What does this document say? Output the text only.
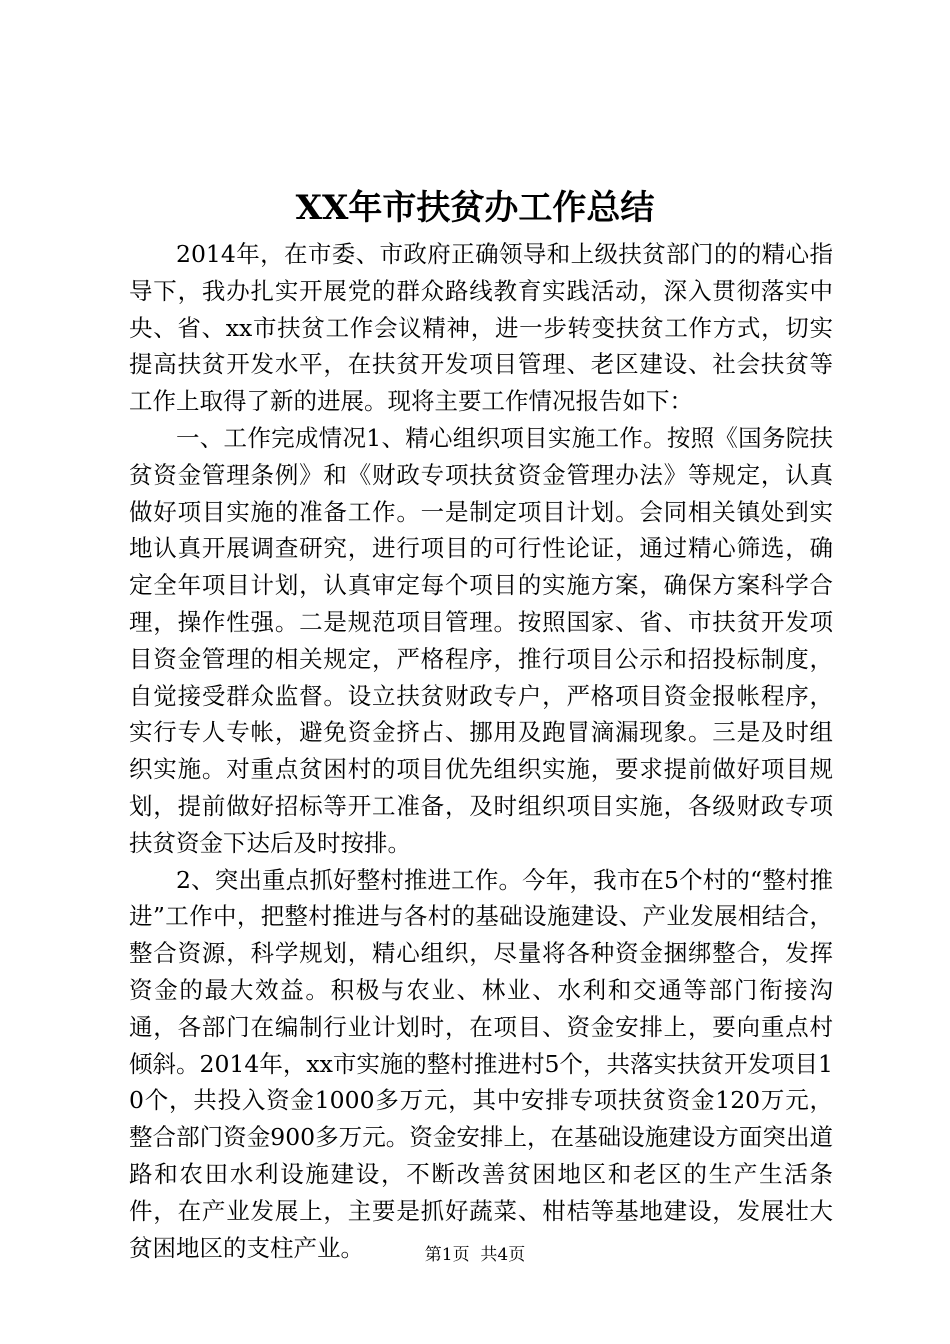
XX年市扶贫办工作总结

2014年，在市委、市政府正确领导和上级扶贫部门的的精心指导下，我办扎实开展党的群众路线教育实践活动，深入贯彻落实中央、省、xx市扶贫工作会议精神，进一步转变扶贫工作方式，切实提高扶贫开发水平，在扶贫开发项目管理、老区建设、社会扶贫等工作上取得了新的进展。现将主要工作情况报告如下：

一、工作完成情况1、精心组织项目实施工作。按照《国务院扶贫资金管理条例》和《财政专项扶贫资金管理办法》等规定，认真做好项目实施的准备工作。一是制定项目计划。会同相关镇处到实地认真开展调查研究，进行项目的可行性论证，通过精心筛选，确定全年项目计划，认真审定每个项目的实施方案，确保方案科学合理，操作性强。二是规范项目管理。按照国家、省、市扶贫开发项目资金管理的相关规定，严格程序，推行项目公示和招投标制度，自觉接受群众监督。设立扶贫财政专户，严格项目资金报帐程序，实行专人专帐，避免资金挤占、挪用及跑冒滴漏现象。三是及时组织实施。对重点贫困村的项目优先组织实施，要求提前做好项目规划，提前做好招标等开工准备，及时组织项目实施，各级财政专项扶贫资金下达后及时按排。

2、突出重点抓好整村推进工作。今年，我市在5个村的“整村推进”工作中，把整村推进与各村的基础设施建设、产业发展相结合，整合资源，科学规划，精心组织，尽量将各种资金捆绑整合，发挥资金的最大效益。积极与农业、林业、水利和交通等部门衔接沟通，各部门在编制行业计划时，在项目、资金安排上，要向重点村倾斜。2014年，xx市实施的整村推进村5个，共落实扶贫开发项目10个，共投入资金1000多万元，其中安排专项扶贫资金120万元，整合部门资金900多万元。资金安排上，在基础设施建设方面突出道路和农田水利设施建设，不断改善贫困地区和老区的生产生活条件，在产业发展上，主要是抓好蔬菜、柑桔等基地建设，发展壮大贫困地区的支柱产业。	第1页 共4页
